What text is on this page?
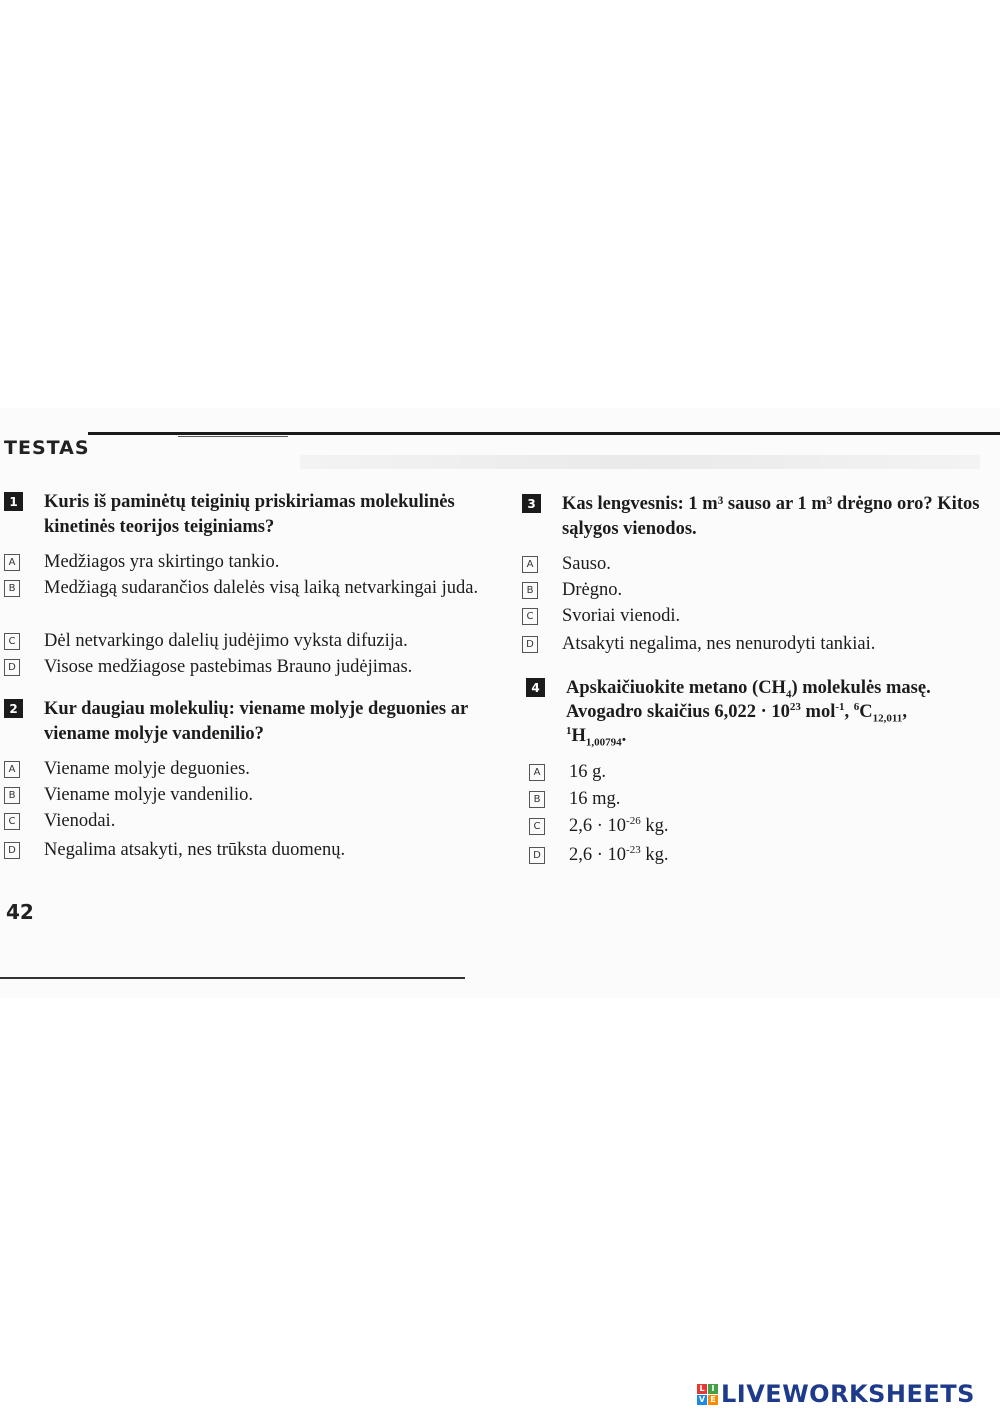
TESTAS
1 Kuris iš paminėtų teiginių priskiriamas molekulinės kinetinės teorijos teiginiams?
A Medžiagos yra skirtingo tankio.
B Medžiagą sudarančios dalelės visą laiką netvarkingai juda.
C Dėl netvarkingo dalelių judėjimo vyksta difuzija.
D Visose medžiagose pastebimas Brauno judėjimas.
2 Kur daugiau molekulių: viename molyje deguonies ar viename molyje vandenilio?
A Viename molyje deguonies.
B Viename molyje vandenilio.
C Vienodai.
D Negalima atsakyti, nes trūksta duomenų.
3 Kas lengvesnis: 1 m³ sauso ar 1 m³ drėgno oro? Kitos sąlygos vienodos.
A Sauso.
B Drėgno.
C Svoriai vienodi.
D Atsakyti negalima, nes nenurodyti tankiai.
4 Apskaičiuokite metano $(CH_4)$ molekulės masę.
Avogadro skaičius $6,022 \cdot 10^{23}$ mol$^{-1}$, $^6C_{12,011}$,
$^1H_{1,00794}$.
A 16 g.
B 16 mg.
C $2,6 \cdot 10^{-26}$ kg.
D $2,6 \cdot 10^{-23}$ kg.
42
L I
V E LIVEWORKSHEETS
